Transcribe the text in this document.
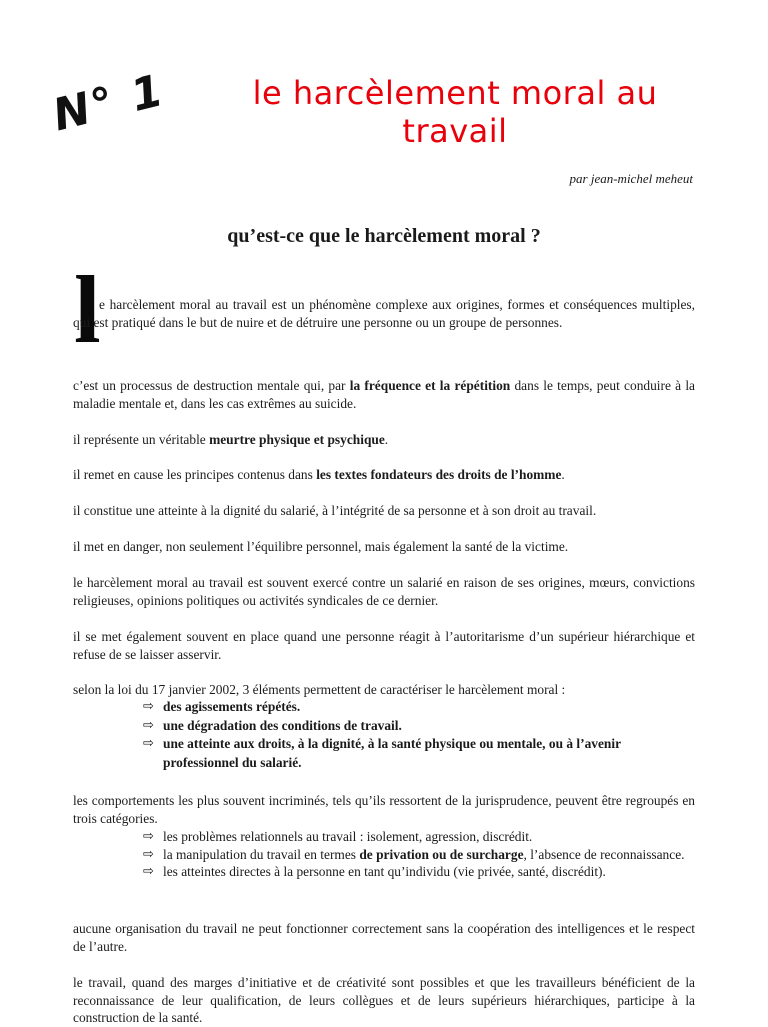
N° 1	le harcèlement moral au travail
par jean-michel meheut
qu’est-ce que le harcèlement moral ?
l
e harcèlement moral au travail est un phénomène complexe aux origines, formes et conséquences multiples, qui est pratiqué dans le but de nuire et de détruire une personne ou un groupe de personnes.
c’est un processus de destruction mentale qui, par la fréquence et la répétition dans le temps, peut conduire à la maladie mentale et, dans les cas extrêmes au suicide.
il représente un véritable meurtre physique et psychique.
il remet en cause les principes contenus dans les textes fondateurs des droits de l’homme.
il constitue une atteinte à la dignité du salarié, à l’intégrité de sa personne et à son droit au travail.
il met en danger, non seulement l’équilibre personnel, mais également la santé de la victime.
le harcèlement moral au travail est souvent exercé contre un salarié en raison de ses origines, mœurs, convictions religieuses, opinions politiques ou activités syndicales de ce dernier.
il se met également souvent en place quand une personne réagit à l’autoritarisme d’un supérieur hiérarchique et refuse de se laisser asservir.
selon la loi du 17 janvier 2002, 3 éléments permettent de caractériser le harcèlement moral :
⇨ des agissements répétés.
⇨ une dégradation des conditions de travail.
⇨ une atteinte aux droits, à la dignité, à la santé physique ou mentale, ou à l’avenir professionnel du salarié.
les comportements les plus souvent incriminés, tels qu’ils ressortent de la jurisprudence, peuvent être regroupés en trois catégories.
⇨ les problèmes relationnels au travail : isolement, agression, discrédit.
⇨ la manipulation du travail en termes de privation ou de surcharge, l’absence de reconnaissance.
⇨ les atteintes directes à la personne en tant qu’individu (vie privée, santé, discrédit).
aucune organisation du travail ne peut fonctionner correctement sans la coopération des intelligences et le respect de l’autre.
le travail, quand des marges d’initiative et de créativité sont possibles et que les travailleurs bénéficient de la reconnaissance de leur qualification, de leurs collègues et de leurs supérieurs hiérarchiques, participe à la construction de la santé.
